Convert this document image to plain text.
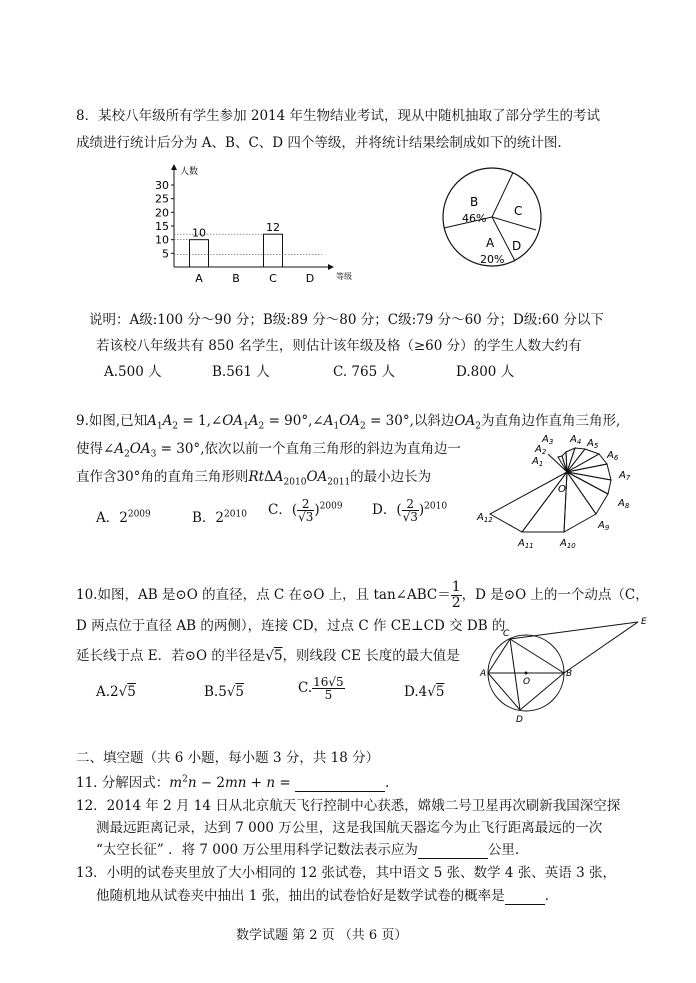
8．某校八年级所有学生参加 2014 年生物结业考试，现从中随机抽取了部分学生的考试
成绩进行统计后分为 A、B、C、D 四个等级，并将统计结果绘制成如下的统计图.
人数
等级
5
10
15
20
25
30
A
10
B	C
12
D
B
46%
C
D
A
20%
说明：A级:100 分～90 分；B级:89 分～80 分；C级:79 分～60 分；D级:60 分以下
若该校八年级共有 850 名学生，则估计该年级及格（≥60 分）的学生人数大约有
A.500 人	B.561 人	C. 765 人	D.800 人
9.如图,已知$A_1A_2$ = $1,\angle OA_1A_2$ = $90^\circ,\angle A_1OA_2 = 30^\circ$,以斜边$OA_2$为直角边作直角三角形,
使得$\angle A_2OA_3 = 30^\circ$,依次以前一个直角三角形的斜边为直角边一
直作含30°角的直角三角形则$Rt\Delta A_{2010}OA_{2011}$的最小边长为
A．$2^{2009}$	B．$2^{2010}$ C．( $\frac{2}{√3} )^{2009}$ D．( $\frac{2}{√3} )^{2010}$
O
$A_1$
$A_2$
$A_3$ $A_4$ $A_5$
$A_6$
$A_7$
$A_8$
$A_9$
$A_{10}$
$A_{11}$
$A_{12}$
10.如图，AB 是⊙O 的直径，点 C 在⊙O 上，且 tan∠ABC＝ $\frac{1}{2}$ ，D 是⊙O 上的一个动点（C，
D 两点位于直径 AB 的两侧），连接 CD，过点 C 作 CE⊥CD 交 DB 的
延长线于点 E．若⊙O 的半径是√5，则线段 CE 长度的最大值是
A.2√5	B.5√5	C. $\frac{16√5}{5}$	D.4√5
C
A
O
B
D
E
二、填空题（共 6 小题，每小题 3 分，共 18 分）
11. 分解因式：$m^2n - 2mn + n$ =	.
12．2014 年 2 月 14 日从北京航天飞行控制中心获悉，嫦娥二号卫星再次刷新我国深空探
测最远距离记录，达到 7 000 万公里，这是我国航天器迄今为止飞行距离最远的一次
“太空长征” ．将 7 000 万公里用科学记数法表示应为	公里.
13．小明的试卷夹里放了大小相同的 12 张试卷，其中语文 5 张、数学 4 张、英语 3 张，
他随机地从试卷夹中抽出 1 张，抽出的试卷恰好是数学试卷的概率是	.
数学试题 第 2 页 （共 6 页）
